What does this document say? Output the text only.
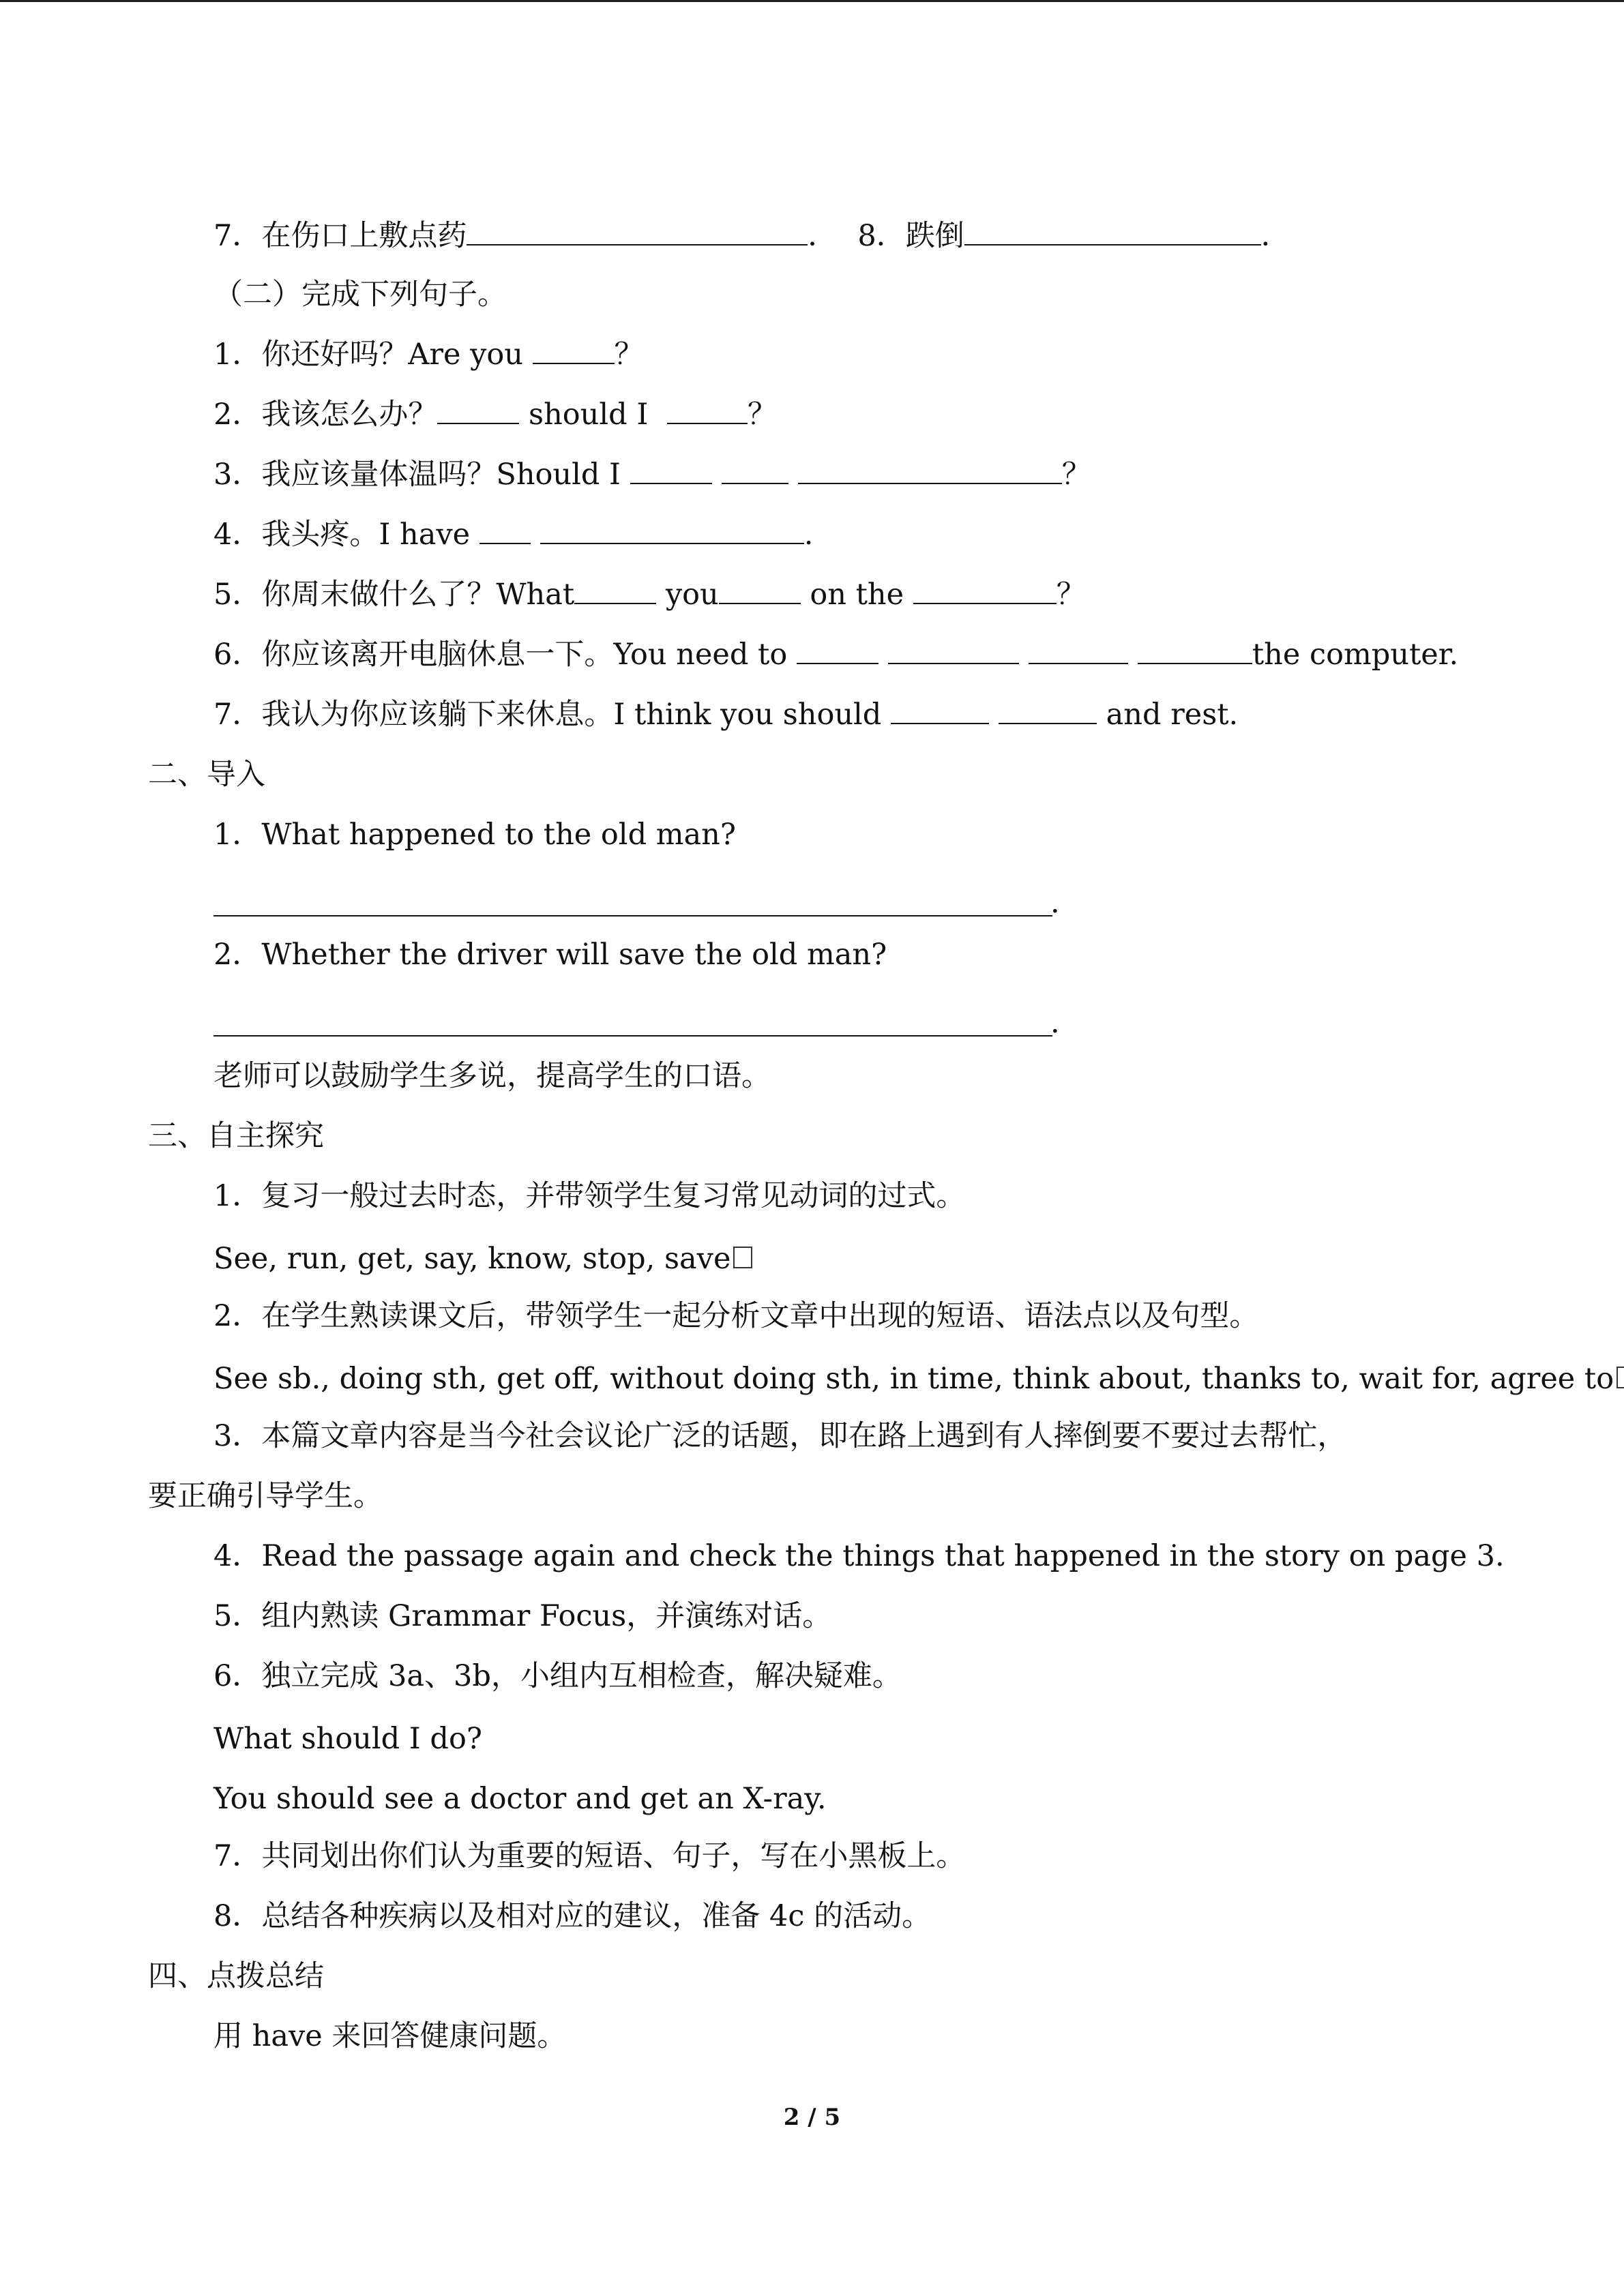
7．在伤口上敷点药	． 8．跌倒	．
（二）完成下列句子。
1．你还好吗？Are you	？
2．我该怎么办？	should I	？
3．我应该量体温吗？Should I	？
4．我头疼。I have	.
5．你周末做什么了？What	you	on the	？
6．你应该离开电脑休息一下。You need to	the computer.
7．我认为你应该躺下来休息。I think you should	and rest.
二、导入
1．What happened to the old man?
.
2．Whether the driver will save the old man?
.
老师可以鼓励学生多说，提高学生的口语。
三、自主探究
1．复习一般过去时态，并带领学生复习常见动词的过式。
See, run, get, say, know, stop, save
2．在学生熟读课文后，带领学生一起分析文章中出现的短语、语法点以及句型。
See sb., doing sth, get off, without doing sth, in time, think about, thanks to, wait for, agree to
3．本篇文章内容是当今社会议论广泛的话题，即在路上遇到有人摔倒要不要过去帮忙，
要正确引导学生。
4．Read the passage again and check the things that happened in the story on page 3.
5．组内熟读 Grammar Focus，并演练对话。
6．独立完成 3a、3b，小组内互相检查，解决疑难。
What should I do?
You should see a doctor and get an X-ray.
7．共同划出你们认为重要的短语、句子，写在小黑板上。
8．总结各种疾病以及相对应的建议，准备 4c 的活动。
四、点拨总结
用 have 来回答健康问题。
2 / 5
